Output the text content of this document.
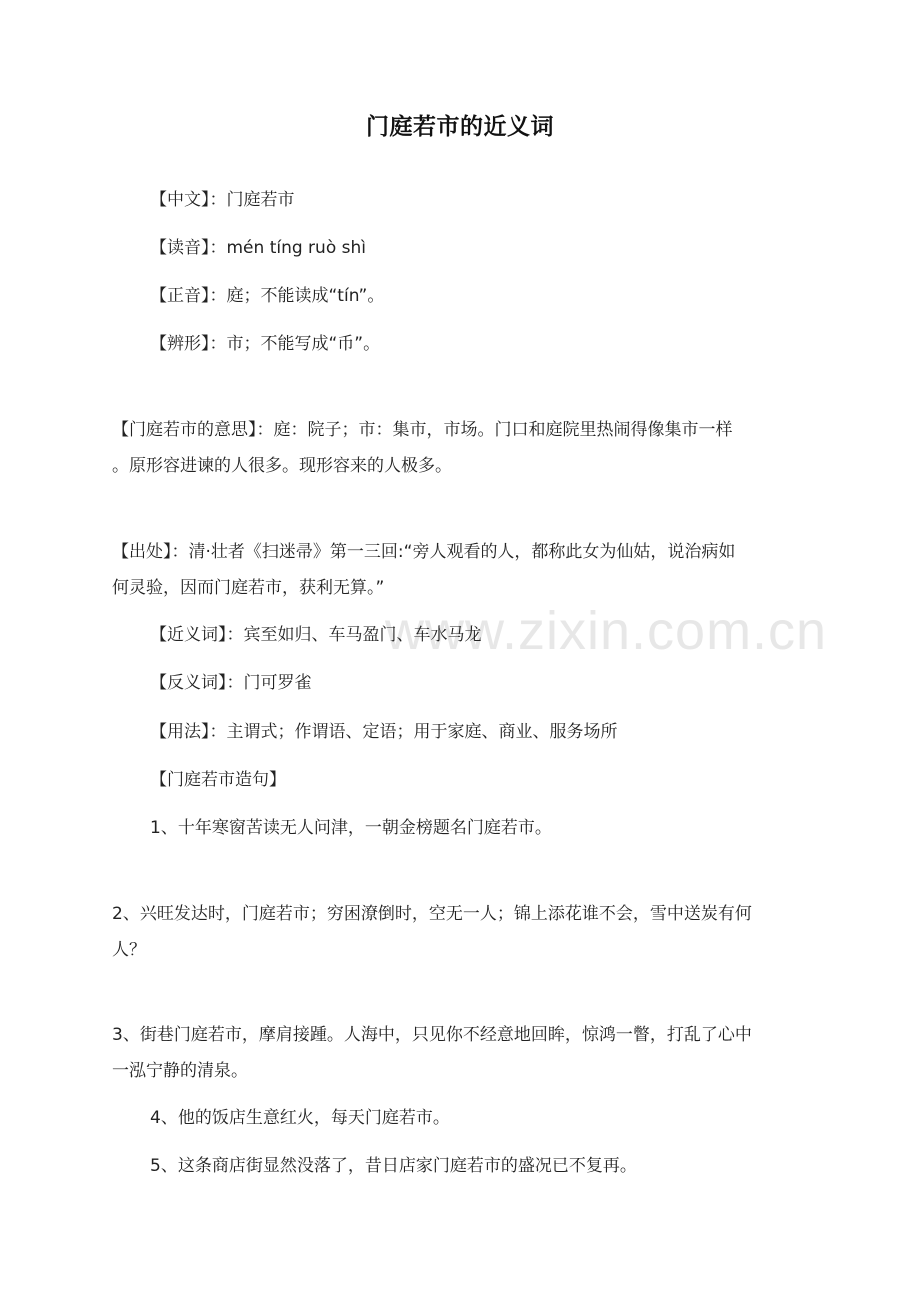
www.zixin.com.cn
门庭若市的近义词
【中文】：门庭若市
【读音】：mén tíng ruò shì
【正音】：庭；不能读成“tín”。
【辨形】：市；不能写成“币”。
【门庭若市的意思】：庭：院子；市：集市，市场。门口和庭院里热闹得像集市一样
。原形容进谏的人很多。现形容来的人极多。
【出处】：清·壮者《扫迷帚》第一三回:“旁人观看的人，都称此女为仙姑，说治病如
何灵验，因而门庭若市，获利无算。”
【近义词】：宾至如归、车马盈门、车水马龙
【反义词】：门可罗雀
【用法】：主谓式；作谓语、定语；用于家庭、商业、服务场所
【门庭若市造句】
1、十年寒窗苦读无人问津，一朝金榜题名门庭若市。
2、兴旺发达时，门庭若市；穷困潦倒时，空无一人；锦上添花谁不会，雪中送炭有何
人？
3、街巷门庭若市，摩肩接踵。人海中，只见你不经意地回眸，惊鸿一瞥，打乱了心中
一泓宁静的清泉。
4、他的饭店生意红火，每天门庭若市。
5、这条商店街显然没落了，昔日店家门庭若市的盛况已不复再。
